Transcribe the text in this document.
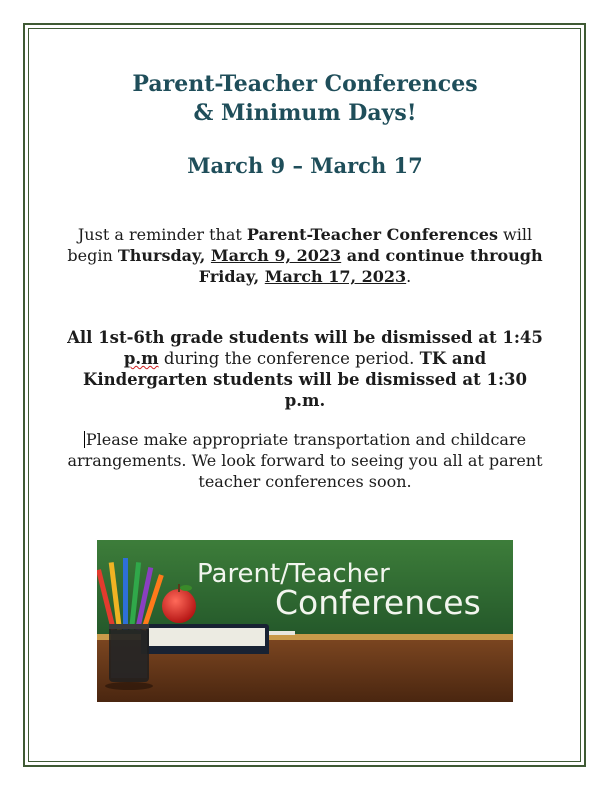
Parent-Teacher Conferences
& Minimum Days!
March 9 – March 17

Just a reminder that Parent-Teacher Conferences will begin Thursday, March 9, 2023 and continue through Friday, March 17, 2023.

All 1st-6th grade students will be dismissed at 1:45 p.m during the conference period. TK and Kindergarten students will be dismissed at 1:30 p.m.

Please make appropriate transportation and childcare arrangements. We look forward to seeing you all at parent teacher conferences soon.

Parent/Teacher
Conferences
